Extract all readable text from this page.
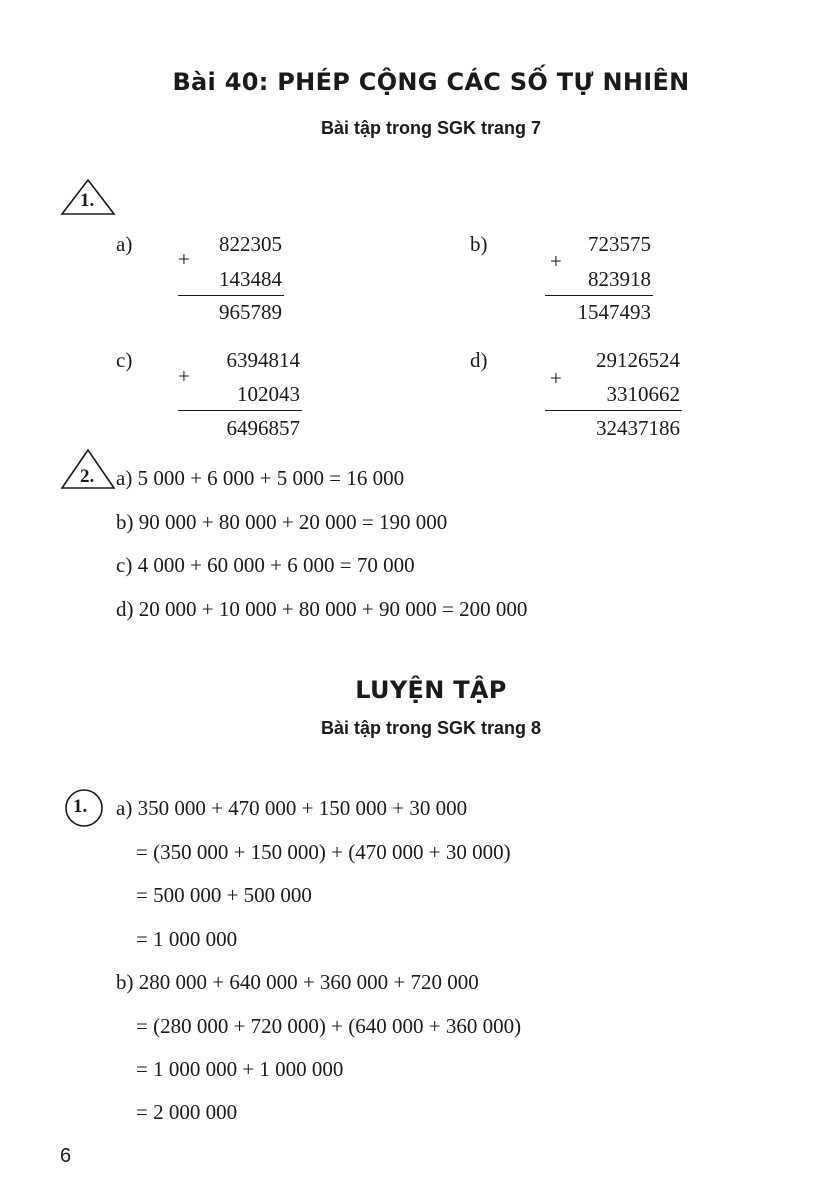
Bài 40: PHÉP CỘNG CÁC SỐ TỰ NHIÊN
Bài tập trong SGK trang 7
1.
a)
+
822305
143484
965789
b)
+
723575
823918
1547493
c)
+
6394814
102043
6496857
d)
+
29126524
3310662
32437186
2. a) 5 000 + 6 000 + 5 000 = 16 000
b) 90 000 + 80 000 + 20 000 = 190 000
c) 4 000 + 60 000 + 6 000 = 70 000
d) 20 000 + 10 000 + 80 000 + 90 000 = 200 000
LUYỆN TẬP
Bài tập trong SGK trang 8
1. a) 350 000 + 470 000 + 150 000 + 30 000
= (350 000 + 150 000) + (470 000 + 30 000)
= 500 000 + 500 000
= 1 000 000
b) 280 000 + 640 000 + 360 000 + 720 000
= (280 000 + 720 000) + (640 000 + 360 000)
= 1 000 000 + 1 000 000
= 2 000 000
6
